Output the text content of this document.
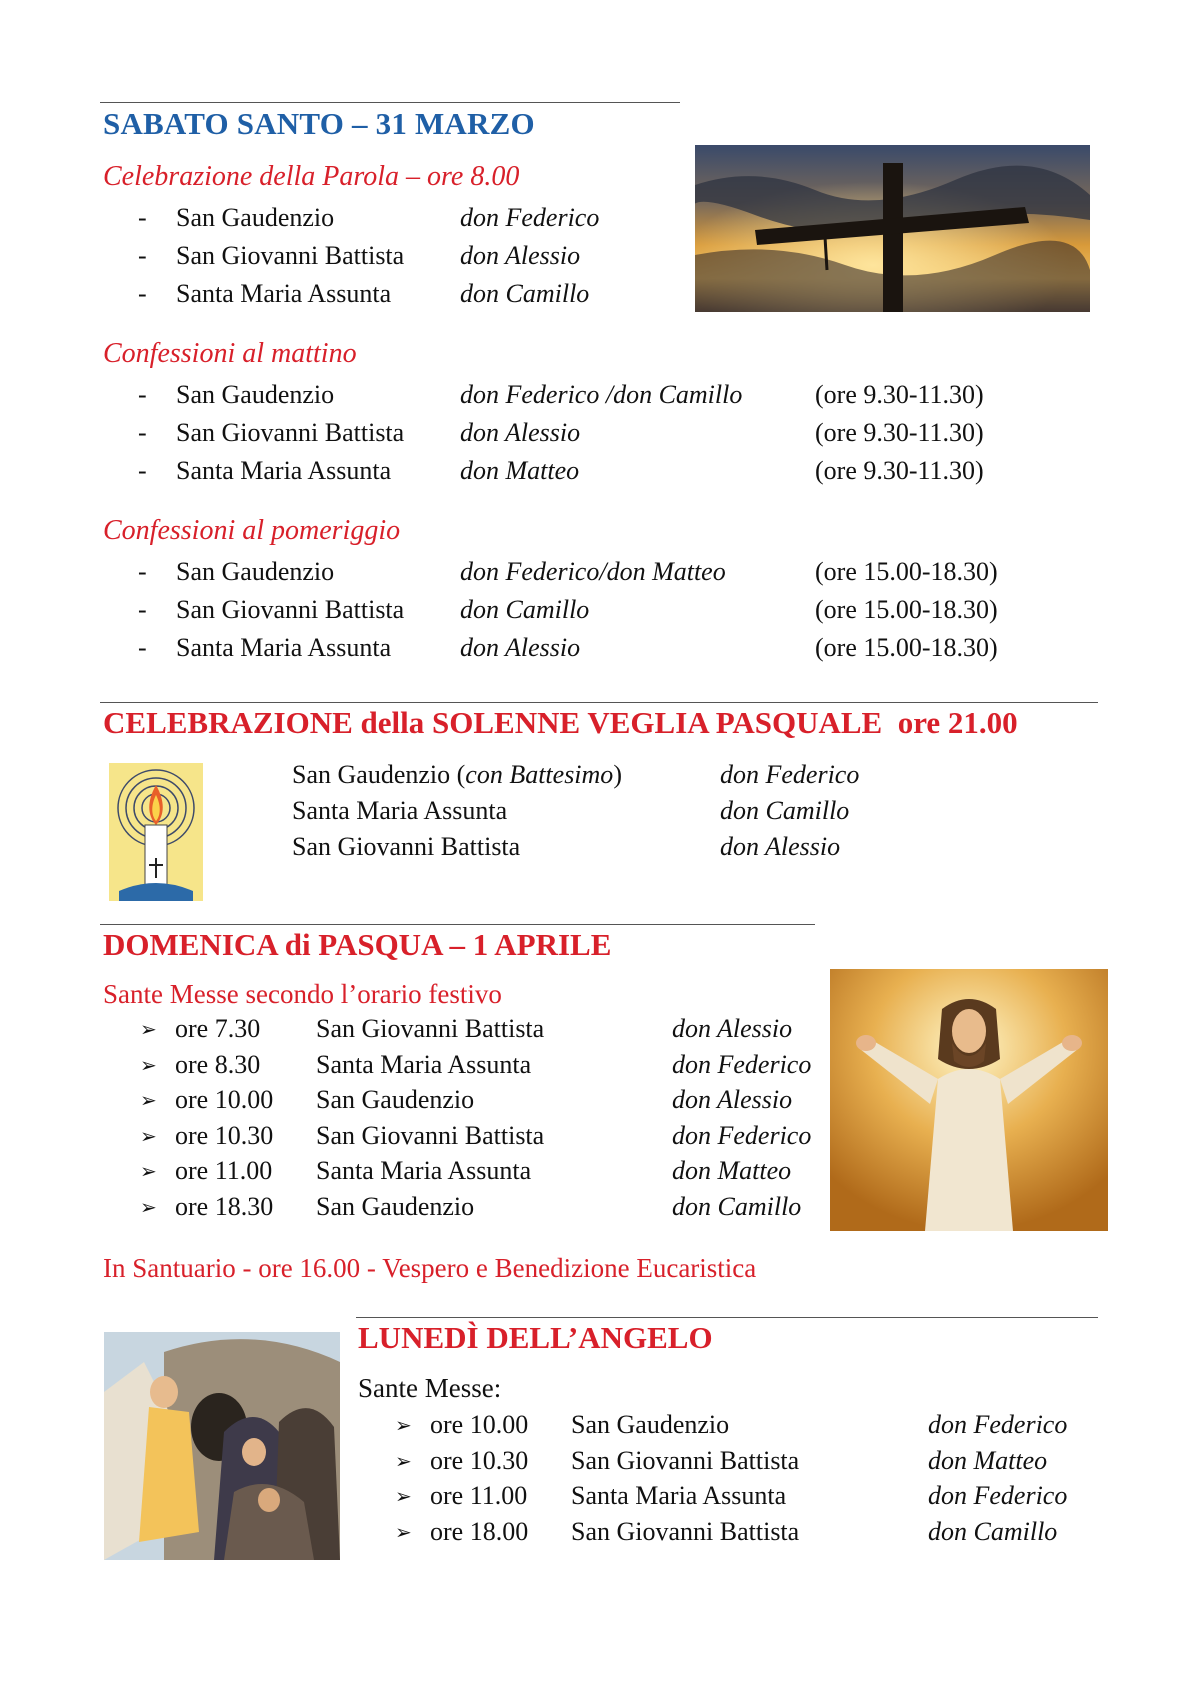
SABATO SANTO – 31 MARZO
Celebrazione della Parola – ore 8.00
- San Gaudenzio	don Federico
- San Giovanni Battista don Alessio
- Santa Maria Assunta	don Camillo
Confessioni al mattino
- San Gaudenzio	don Federico /don Camillo	(ore 9.30-11.30)
- San Giovanni Battista don Alessio	(ore 9.30-11.30)
- Santa Maria Assunta	don Matteo	(ore 9.30-11.30)
Confessioni al pomeriggio
- San Gaudenzio	don Federico/don Matteo	(ore 15.00-18.30)
- San Giovanni Battista don Camillo	(ore 15.00-18.30)
- Santa Maria Assunta	don Alessio	(ore 15.00-18.30)
CELEBRAZIONE della SOLENNE VEGLIA PASQUALE  ore 21.00
San Gaudenzio (con Battesimo)	don Federico
Santa Maria Assunta	don Camillo
San Giovanni Battista	don Alessio
DOMENICA di PASQUA – 1 APRILE
Sante Messe secondo l’orario festivo
➢ ore 7.30 San Giovanni Battista	don Alessio
➢ ore 8.30 Santa Maria Assunta	don Federico
➢ ore 10.00 San Gaudenzio	don Alessio
➢ ore 10.30 San Giovanni Battista	don Federico
➢ ore 11.00 Santa Maria Assunta	don Matteo
➢ ore 18.30 San Gaudenzio	don Camillo
In Santuario - ore 16.00 - Vespero e Benedizione Eucaristica
LUNEDÌ DELL’ANGELO
Sante Messe:
➢ ore 10.00 San Gaudenzio	don Federico
➢ ore 10.30 San Giovanni Battista	don Matteo
➢ ore 11.00 Santa Maria Assunta	don Federico
➢ ore 18.00 San Giovanni Battista	don Camillo
